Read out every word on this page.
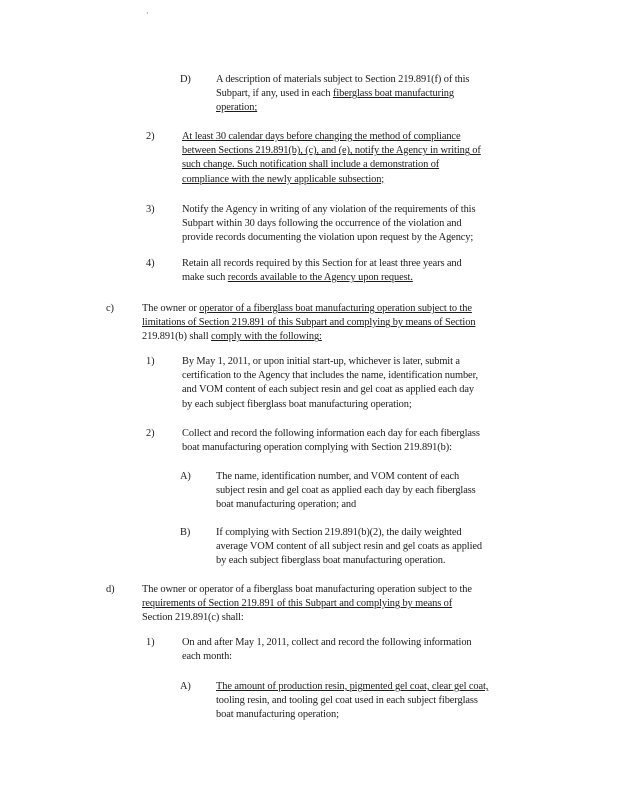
·
D) A description of materials subject to Section 219.891(f) of this
Subpart, if any, used in each fiberglass boat manufacturing
operation;
2)	At least 30 calendar days before changing the method of compliance
between Sections 219.891(b), (c), and (e), notify the Agency in writing of
such change. Such notification shall include a demonstration of
compliance with the newly applicable subsection;
3)	Notify the Agency in writing of any violation of the requirements of this
Subpart within 30 days following the occurrence of the violation and
provide records documenting the violation upon request by the Agency;
4)	Retain all records required by this Section for at least three years and
make such records available to the Agency upon request.
c)	The owner or operator of a fiberglass boat manufacturing operation subject to the
limitations of Section 219.891 of this Subpart and complying by means of Section
219.891(b) shall comply with the following:
1)	By May 1, 2011, or upon initial start-up, whichever is later, submit a
certification to the Agency that includes the name, identification number,
and VOM content of each subject resin and gel coat as applied each day
by each subject fiberglass boat manufacturing operation;
2)	Collect and record the following information each day for each fiberglass
boat manufacturing operation complying with Section 219.891(b):
A) The name, identification number, and VOM content of each
subject resin and gel coat as applied each day by each fiberglass
boat manufacturing operation; and
B) If complying with Section 219.891(b)(2), the daily weighted
average VOM content of all subject resin and gel coats as applied
by each subject fiberglass boat manufacturing operation.
d)	The owner or operator of a fiberglass boat manufacturing operation subject to the
requirements of Section 219.891 of this Subpart and complying by means of
Section 219.891(c) shall:
1)	On and after May 1, 2011, collect and record the following information
each month:
A) The amount of production resin, pigmented gel coat, clear gel coat,
tooling resin, and tooling gel coat used in each subject fiberglass
boat manufacturing operation;
